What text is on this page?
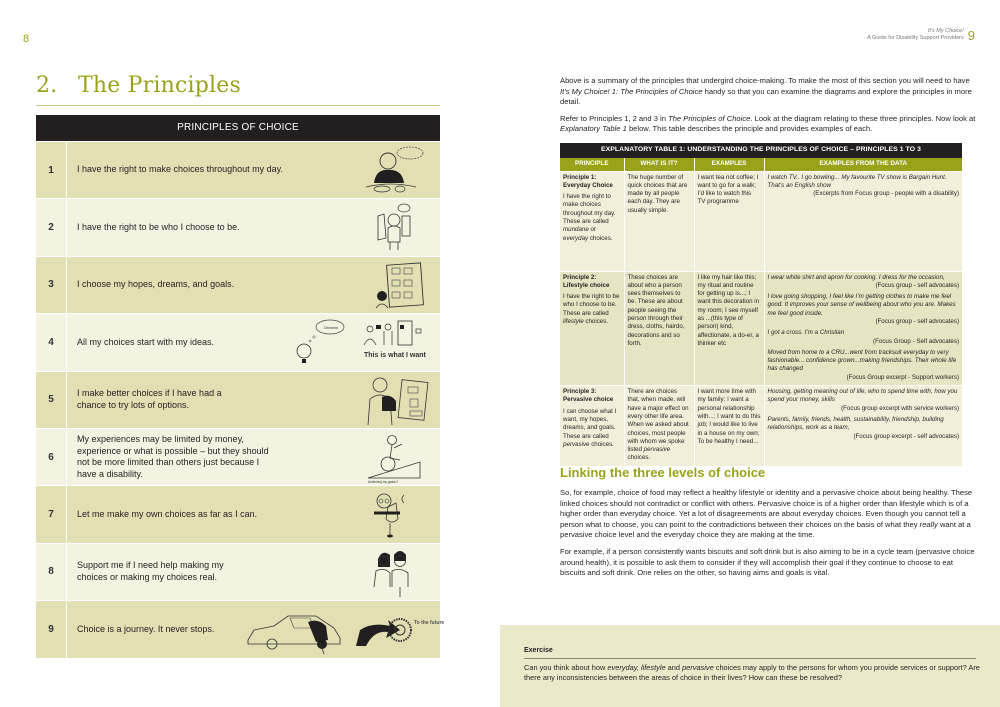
8
2. The Principles
PRINCIPLES OF CHOICE
1	I have the right to make choices throughout my day.
2	I have the right to be who I choose to be.
3	I choose my hopes, dreams, and goals.
4	All my choices start with my ideas.
Dreams
This is what I want
5
I make better choices if I have had a chance to try lots of options.
6
My experiences may be limited by money, experience or what is possible – but they should not be more limited than others just because I have a disability.
Achieving my goals !!
7	Let me make my own choices as far as I can.
8
Support me if I need help making my choices or making my choices real.
9	Choice is a journey. It never stops.
To the future
It's My Choice!
A Guide for Disability Support Providers 9

Above is a summary of the principles that undergird choice-making. To make the most of this section you will need to have It’s My Choice! 1: The Principles of Choice handy so that you can examine the diagrams and explore the principles in more detail.

Refer to Principles 1, 2 and 3 in The Principles of Choice. Look at the diagram relating to these three principles. Now look at Explanatory Table 1 below. This table describes the principle and provides examples of each.

EXPLANATORY TABLE 1: UNDERSTANDING THE PRINCIPLES OF CHOICE – PRINCIPLES 1 TO 3
PRINCIPLE	WHAT IS IT?	EXAMPLES	EXAMPLES FROM THE DATA

Principle 1: Everyday Choice
I have the right to make choices throughout my day. These are called mundane or everyday choices.
	The huge number of quick choices that are made by all people each day. They are usually simple.	I want tea not coffee; I want to go for a walk; I’d like to watch this TV programme	
I watch TV.. I go bowling... My favourite TV show is Bargain Hunt. That’s an English show
(Excerpts from Focus group - people with a disability)

Principle 2: Lifestyle choice
I have the right to be who I choose to be. These are called lifestyle choices.
	These choices are about who a person sees themselves to be. These are about people seeing the person through their dress, cloths, hairdo, decorations and so forth.	I like my hair like this; my ritual and routine for getting up is...; I want this decoration in my room; I see myself as ...(this type of person) kind, affectionate, a do-er, a thinker etc	
I wear white shirt and apron for cooking. I dress for the occasion,
(Focus group - self advocates)
I love going shopping, I feel like I’m getting clothes to make me feel good. It improves your sense of wellbeing about who you are. Makes me feel good inside.
(Focus group - self advocates)
I got a cross. I’m a Christian
(Focus Group - Self advocates)
Moved from home to a CRU...went from tracksuit everyday to very fashionable... confidence grown...making friendships. Their whole life has changed
(Focus Group excerpt - Support workers)

Principle 3: Pervasive choice
I can choose what I want, my hopes, dreams, and goals. These are called pervasive choices.
	There are choices that, when made, will have a major effect on every other life area. When we asked about choices, most people with whom we spoke listed pervasive choices.	I want more time with my family; I want a personal relationship with...; I want to do this job; I would like to live in a house on my own; To be healthy I need...	
Housing, getting meaning out of life, who to spend time with, how you spend your money, skills
(Focus group excerpt with service workers)
Parents, family, friends, health, sustainability, friendship, building relationships, work as a team,
(Focus group excerpt - self advocates)
Linking the three levels of choice

So, for example, choice of food may reflect a healthy lifestyle or identity and a pervasive choice about being healthy. These linked choices should not contradict or conflict with others. Pervasive choice is of a higher order than lifestyle which is of a higher order than everyday choice. Yet a lot of disagreements are about everyday choices. Even though you cannot tell a person what to choose, you can point to the contradictions between their choices on the basis of what they really want at a pervasive choice level and the everyday choice they are making at the time.

For example, if a person consistently wants biscuits and soft drink but is also aiming to be in a cycle team (pervasive choice around health), it is possible to ask them to consider if they will accomplish their goal if they continue to choose to eat biscuits and soft drink. One relies on the other, so having aims and goals is vital.

Exercise
Can you think about how everyday, lifestyle and pervasive choices may apply to the persons for whom you provide services or support? Are there any inconsistencies between the areas of choice in their lives? How can these be resolved?
